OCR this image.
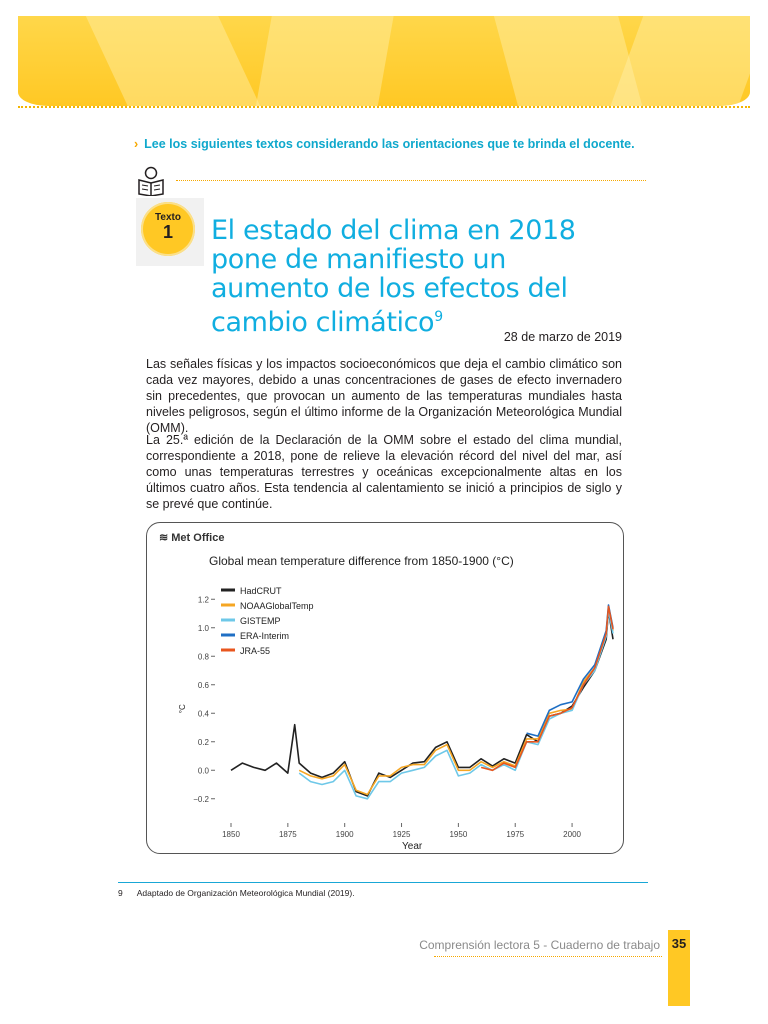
› Lee los siguientes textos considerando las orientaciones que te brinda el docente.
Texto
1	El estado del clima en 2018 pone de manifiesto un aumento de los efectos del cambio climático$^9$
28 de marzo de 2019

Las señales físicas y los impactos socioeconómicos que deja el cambio climático son cada vez mayores, debido a unas concentraciones de gases de efecto invernadero sin precedentes, que provocan un aumento de las temperaturas mundiales hasta niveles peligrosos, según el último informe de la Organización Meteorológica Mundial (OMM).

La 25.ª edición de la Declaración de la OMM sobre el estado del clima mundial, correspondiente a 2018, pone de relieve la elevación récord del nivel del mar, así como unas temperaturas terrestres y oceánicas excepcionalmente altas en los últimos cuatro años. Esta tendencia al calentamiento se inició a principios de siglo y se prevé que continúe.

≋ Met Office
Global mean temperature difference from 1850-1900 (°C)
1.2
1.0
0.8
0.6
0.4
0.2
0.0
−0.2
1850	1875	1900	1925	1950	1975	2000
Year
°C
HadCRUT
NOAAGlobalTemp
GISTEMP
ERA-Interim
JRA-55
9 Adaptado de Organización Meteorológica Mundial (2019).
Comprensión lectora 5 - Cuaderno de trabajo 35
